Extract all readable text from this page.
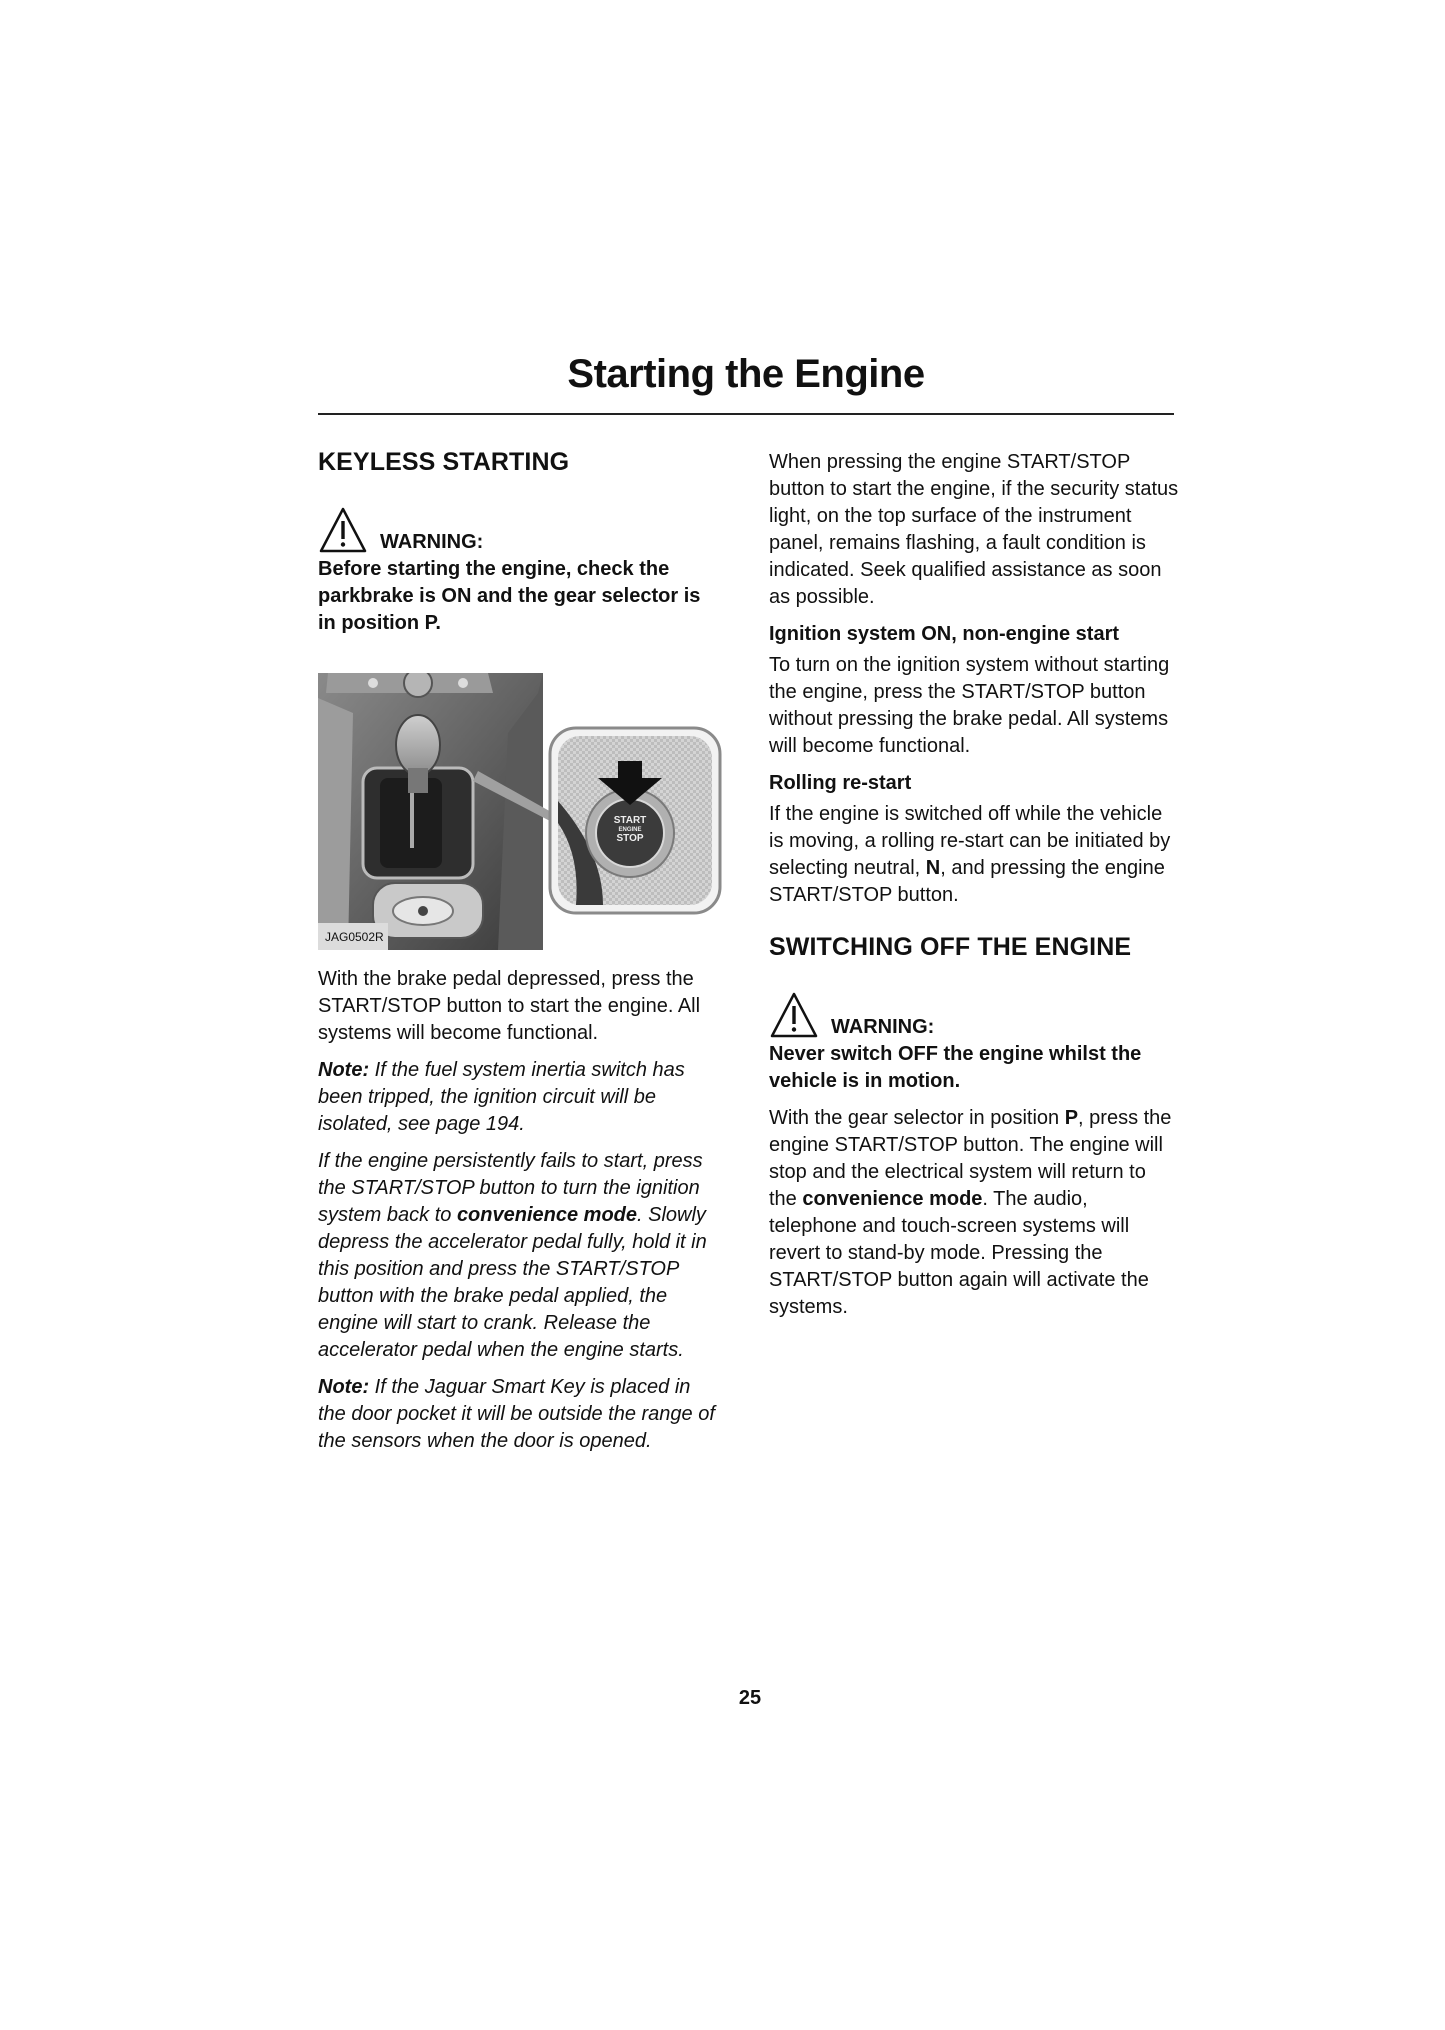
Starting the Engine
KEYLESS STARTING
WARNING:

Before starting the engine, check the parkbrake is ON and the gear selector is in position P.

START
ENGINE
STOP
JAG0502R

With the brake pedal depressed, press the START/STOP button to start the engine. All systems will become functional.

Note: If the fuel system inertia switch has been tripped, the ignition circuit will be isolated, see page 194.

If the engine persistently fails to start, press the START/STOP button to turn the ignition system back to convenience mode. Slowly depress the accelerator pedal fully, hold it in this position and press the START/STOP button with the brake pedal applied, the engine will start to crank. Release the accelerator pedal when the engine starts.

Note: If the Jaguar Smart Key is placed in the door pocket it will be outside the range of the sensors when the door is opened.

When pressing the engine START/STOP button to start the engine, if the security status light, on the top surface of the instrument panel, remains flashing, a fault condition is indicated. Seek qualified assistance as soon as possible.

Ignition system ON, non-engine start

To turn on the ignition system without starting the engine, press the START/STOP button without pressing the brake pedal. All systems will become functional.

Rolling re-start

If the engine is switched off while the vehicle is moving, a rolling re-start can be initiated by selecting neutral, N, and pressing the engine START/STOP button.

SWITCHING OFF THE ENGINE
WARNING:

Never switch OFF the engine whilst the vehicle is in motion.

With the gear selector in position P, press the engine START/STOP button. The engine will stop and the electrical system will return to the convenience mode. The audio, telephone and touch-screen systems will revert to stand-by mode. Pressing the START/STOP button again will activate the systems.

25
